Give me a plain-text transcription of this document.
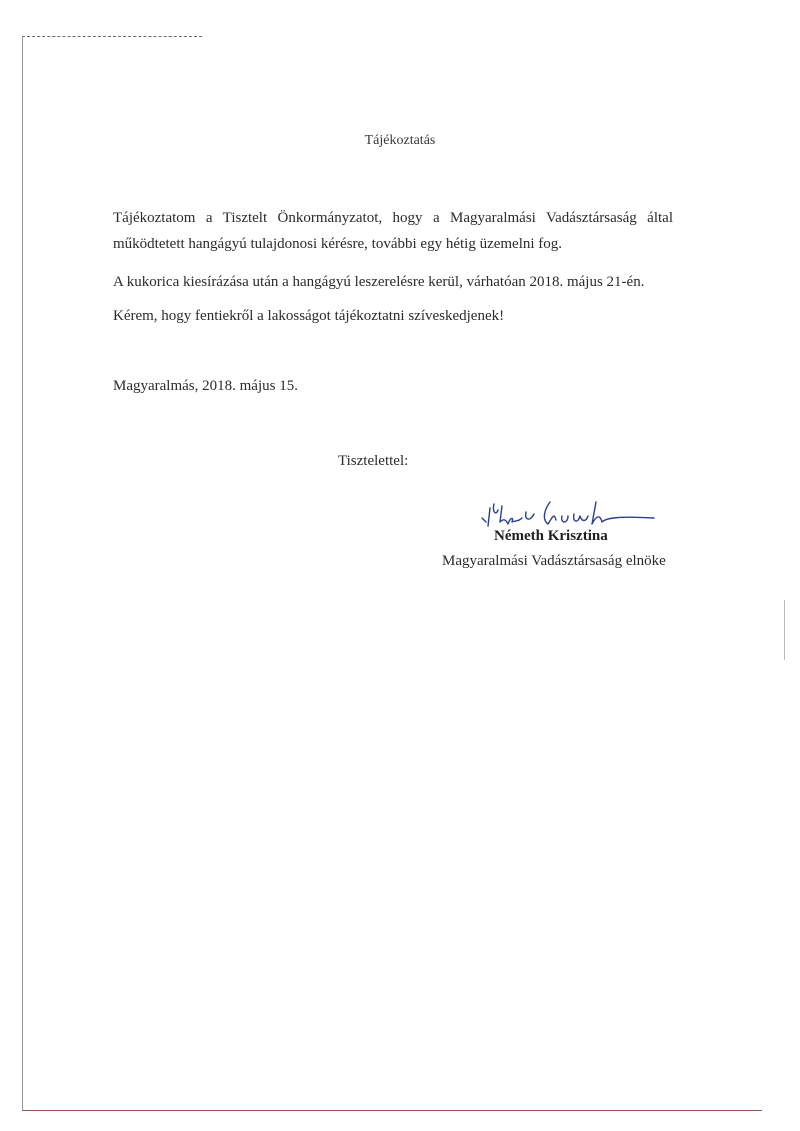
Tájékoztatás
Tájékoztatom a Tisztelt Önkormányzatot, hogy a Magyaralmási Vadásztársaság által működtetett hangágyú tulajdonosi kérésre, további egy hétig üzemelni fog.
A kukorica kiesírázása után a hangágyú leszerelésre kerül, várhatóan 2018. május 21-én.
Kérem, hogy fentiekről a lakosságot tájékoztatni szíveskedjenek!
Magyaralmás, 2018. május 15.
Tisztelettel:
Németh Krisztina
Magyaralmási Vadásztársaság elnöke
